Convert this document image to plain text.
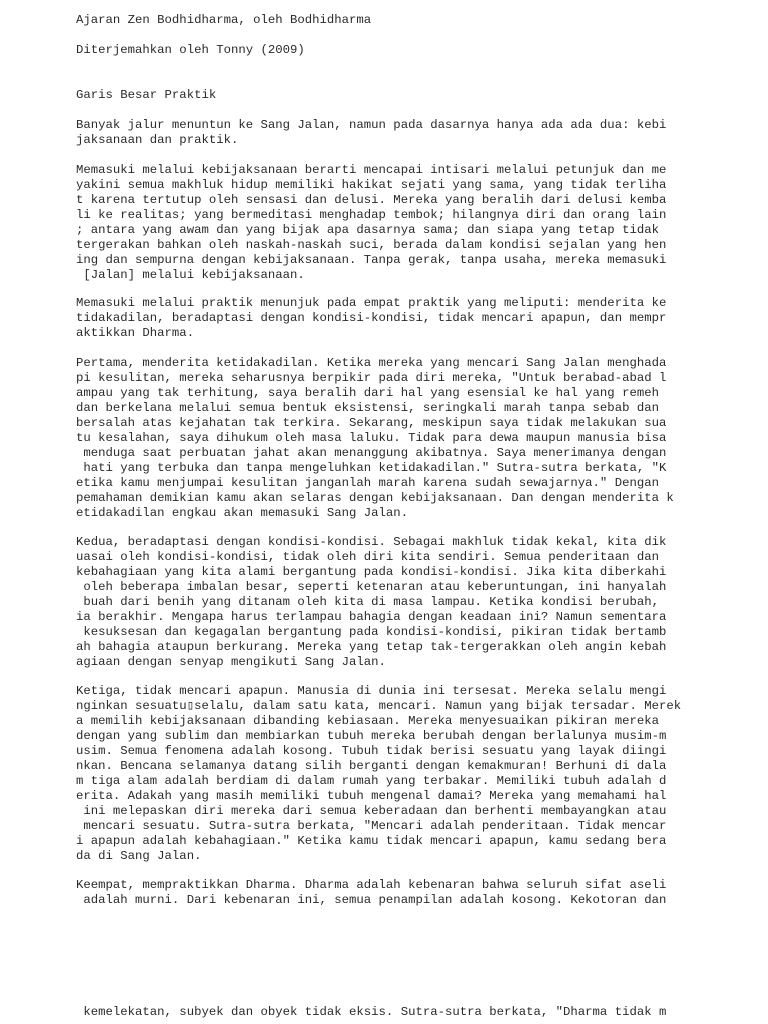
Ajaran Zen Bodhidharma, oleh Bodhidharma
Diterjemahkan oleh Tonny (2009)
Garis Besar Praktik
Banyak jalur menuntun ke Sang Jalan, namun pada dasarnya hanya ada ada dua: kebi
jaksanaan dan praktik.
Memasuki melalui kebijaksanaan berarti mencapai intisari melalui petunjuk dan me
yakini semua makhluk hidup memiliki hakikat sejati yang sama, yang tidak terliha
t karena tertutup oleh sensasi dan delusi. Mereka yang beralih dari delusi kemba
li ke realitas; yang bermeditasi menghadap tembok; hilangnya diri dan orang lain
; antara yang awam dan yang bijak apa dasarnya sama; dan siapa yang tetap tidak
tergerakan bahkan oleh naskah-naskah suci, berada dalam kondisi sejalan yang hen
ing dan sempurna dengan kebijaksanaan. Tanpa gerak, tanpa usaha, mereka memasuki
[Jalan] melalui kebijaksanaan.
Memasuki melalui praktik menunjuk pada empat praktik yang meliputi: menderita ke
tidakadilan, beradaptasi dengan kondisi-kondisi, tidak mencari apapun, dan mempr
aktikkan Dharma.
Pertama, menderita ketidakadilan. Ketika mereka yang mencari Sang Jalan menghada
pi kesulitan, mereka seharusnya berpikir pada diri mereka, "Untuk berabad-abad l
ampau yang tak terhitung, saya beralih dari hal yang esensial ke hal yang remeh
dan berkelana melalui semua bentuk eksistensi, seringkali marah tanpa sebab dan
bersalah atas kejahatan tak terkira. Sekarang, meskipun saya tidak melakukan sua
tu kesalahan, saya dihukum oleh masa laluku. Tidak para dewa maupun manusia bisa
menduga saat perbuatan jahat akan menanggung akibatnya. Saya menerimanya dengan
hati yang terbuka dan tanpa mengeluhkan ketidakadilan." Sutra-sutra berkata, "K
etika kamu menjumpai kesulitan janganlah marah karena sudah sewajarnya." Dengan
pemahaman demikian kamu akan selaras dengan kebijaksanaan. Dan dengan menderita k
etidakadilan engkau akan memasuki Sang Jalan.
Kedua, beradaptasi dengan kondisi-kondisi. Sebagai makhluk tidak kekal, kita dik
uasai oleh kondisi-kondisi, tidak oleh diri kita sendiri. Semua penderitaan dan
kebahagiaan yang kita alami bergantung pada kondisi-kondisi. Jika kita diberkahi
oleh beberapa imbalan besar, seperti ketenaran atau keberuntungan, ini hanyalah
buah dari benih yang ditanam oleh kita di masa lampau. Ketika kondisi berubah,
ia berakhir. Mengapa harus terlampau bahagia dengan keadaan ini? Namun sementara
kesuksesan dan kegagalan bergantung pada kondisi-kondisi, pikiran tidak bertamb
ah bahagia ataupun berkurang. Mereka yang tetap tak-tergerakkan oleh angin kebah
agiaan dengan senyap mengikuti Sang Jalan.
Ketiga, tidak mencari apapun. Manusia di dunia ini tersesat. Mereka selalu mengi
nginkan sesuatu▯selalu, dalam satu kata, mencari. Namun yang bijak tersadar. Merek
a memilih kebijaksanaan dibanding kebiasaan. Mereka menyesuaikan pikiran mereka
dengan yang sublim dan membiarkan tubuh mereka berubah dengan berlalunya musim-m
usim. Semua fenomena adalah kosong. Tubuh tidak berisi sesuatu yang layak diingi
nkan. Bencana selamanya datang silih berganti dengan kemakmuran! Berhuni di dala
m tiga alam adalah berdiam di dalam rumah yang terbakar. Memiliki tubuh adalah d
erita. Adakah yang masih memiliki tubuh mengenal damai? Mereka yang memahami hal
ini melepaskan diri mereka dari semua keberadaan dan berhenti membayangkan atau
mencari sesuatu. Sutra-sutra berkata, "Mencari adalah penderitaan. Tidak mencar
i apapun adalah kebahagiaan." Ketika kamu tidak mencari apapun, kamu sedang bera
da di Sang Jalan.
Keempat, mempraktikkan Dharma. Dharma adalah kebenaran bahwa seluruh sifat aseli
adalah murni. Dari kebenaran ini, semua penampilan adalah kosong. Kekotoran dan
kemelekatan, subyek dan obyek tidak eksis. Sutra-sutra berkata, "Dharma tidak m
